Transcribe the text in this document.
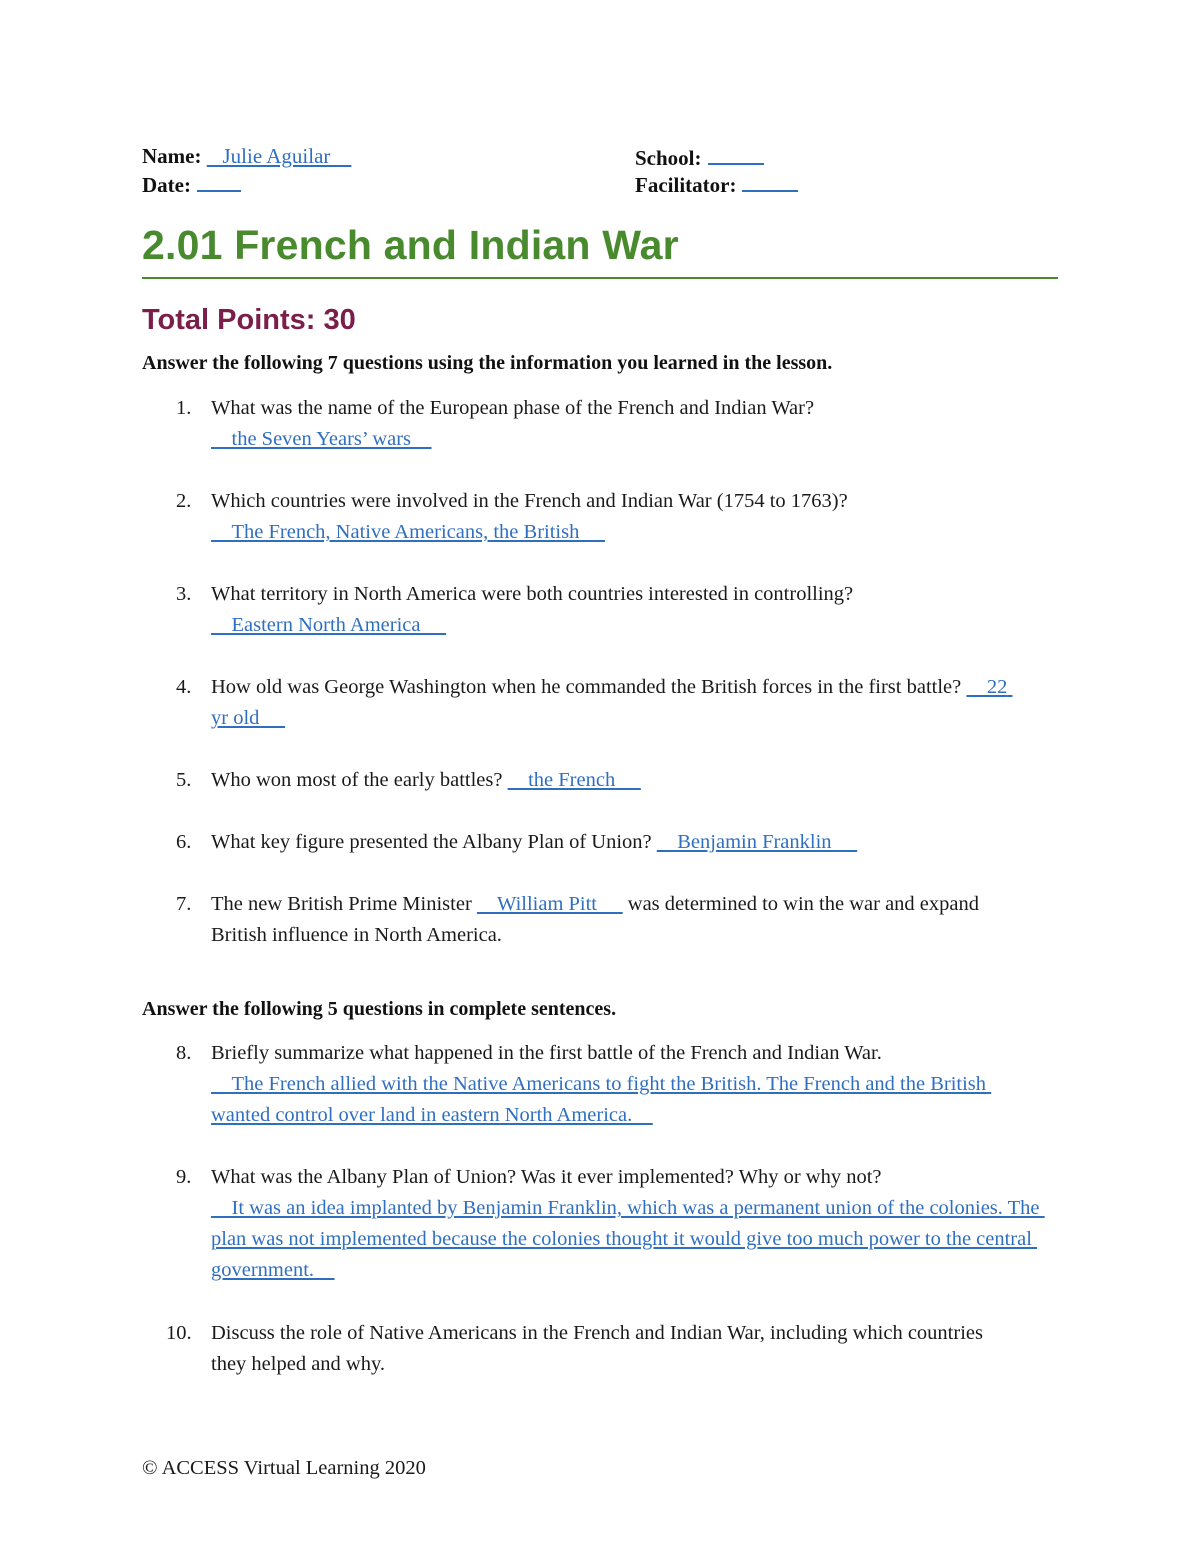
Name:    Julie Aguilar
Date:
School:
Facilitator:
2.01 French and Indian War
Total Points: 30
Answer the following 7 questions using the information you learned in the lesson.
1. What was the name of the European phase of the French and Indian War?
the Seven Years’ wars
2. Which countries were involved in the French and Indian War (1754 to 1763)?
The French, Native Americans, the British
3. What territory in North America were both countries interested in controlling?
Eastern North America
4. How old was George Washington when he commanded the British forces in the first battle?     22 yr old
5. Who won most of the early battles?     the French
6. What key figure presented the Albany Plan of Union?     Benjamin Franklin
7. The new British Prime Minister     William Pitt      was determined to win the war and expand British influence in North America.
Answer the following 5 questions in complete sentences.
8. Briefly summarize what happened in the first battle of the French and Indian War.
The French allied with the Native Americans to fight the British. The French and the British wanted control over land in eastern North America.
9. What was the Albany Plan of Union? Was it ever implemented? Why or why not?
It was an idea implanted by Benjamin Franklin, which was a permanent union of the colonies. The plan was not implemented because the colonies thought it would give too much power to the central government.
10. Discuss the role of Native Americans in the French and Indian War, including which countries they helped and why.
© ACCESS Virtual Learning 2020
